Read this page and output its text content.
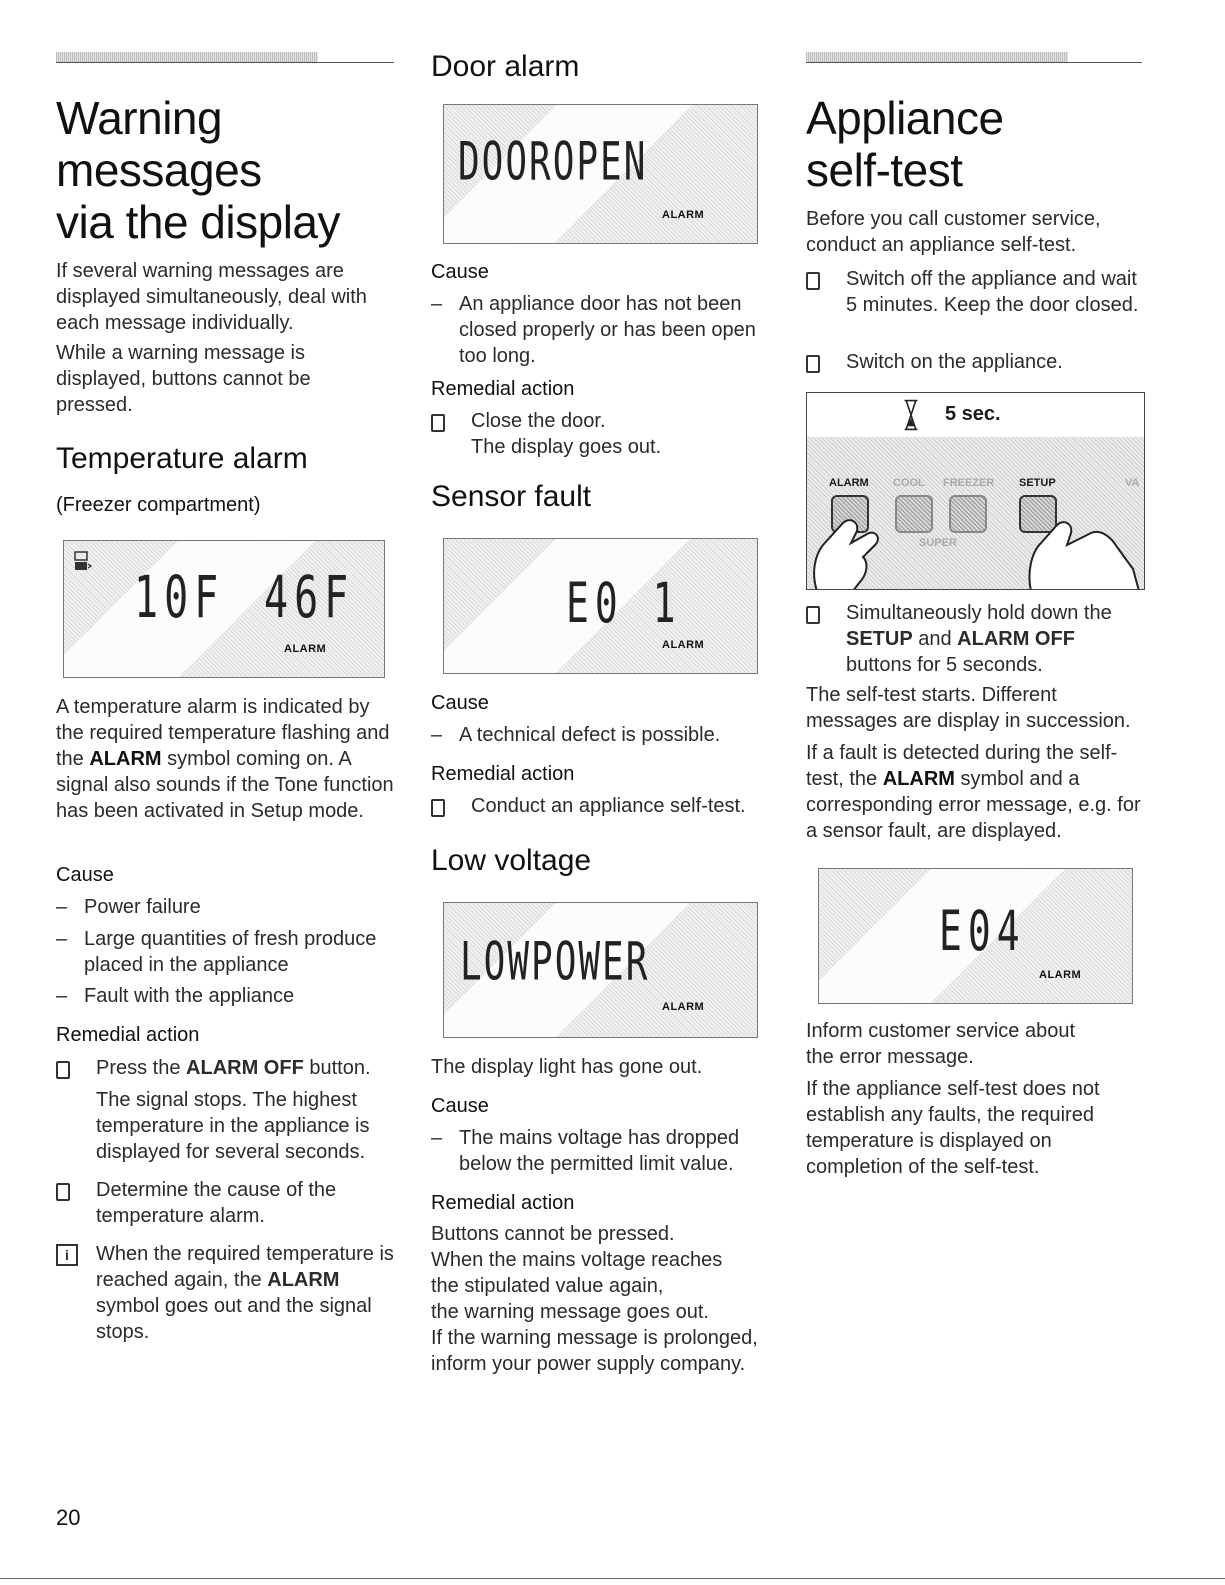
Warning
messages
via the display

If several warning messages are displayed simultaneously, deal with each message individually.

While a warning message is displayed, buttons cannot be pressed.

Temperature alarm
(Freezer compartment)
10F 46F
ALARM

A temperature alarm is indicated by the required temperature flashing and the ALARM symbol coming on. A signal also sounds if the Tone function has been activated in Setup mode.

Cause
– Power failure
– Large quantities of fresh produce placed in the appliance
– Fault with the appliance
Remedial action
Press the ALARM OFF button.

The signal stops. The highest temperature in the appliance is displayed for several seconds.

Determine the cause of the temperature alarm.
i	When the required temperature is reached again, the ALARM symbol goes out and the signal stops.
Door alarm
DOOROPEN
ALARM
Cause
– An appliance door has not been closed properly or has been open too long.
Remedial action
Close the door.
The display goes out.
Sensor fault
E0 1
ALARM
Cause
– A technical defect is possible.
Remedial action
Conduct an appliance self-test.
Low voltage
LOWPOWER
ALARM

The display light has gone out.

Cause
– The mains voltage has dropped below the permitted limit value.
Remedial action

Buttons cannot be pressed.
When the mains voltage reaches
the stipulated value again,
the warning message goes out.
If the warning message is prolonged,
inform your power supply company.

Appliance
self-test

Before you call customer service, conduct an appliance self-test.

Switch off the appliance and wait 5 minutes. Keep the door closed.
Switch on the appliance.
5 sec.
ALARM COOL FREEZER SETUP	VA
SUPER
Simultaneously hold down the SETUP and ALARM OFF buttons for 5 seconds.

The self-test starts. Different messages are display in succession.

If a fault is detected during the self-test, the ALARM symbol and a corresponding error message, e.g. for a sensor fault, are displayed.

E04
ALARM

Inform customer service about the error message.

If the appliance self-test does not establish any faults, the required temperature is displayed on completion of the self-test.

20
